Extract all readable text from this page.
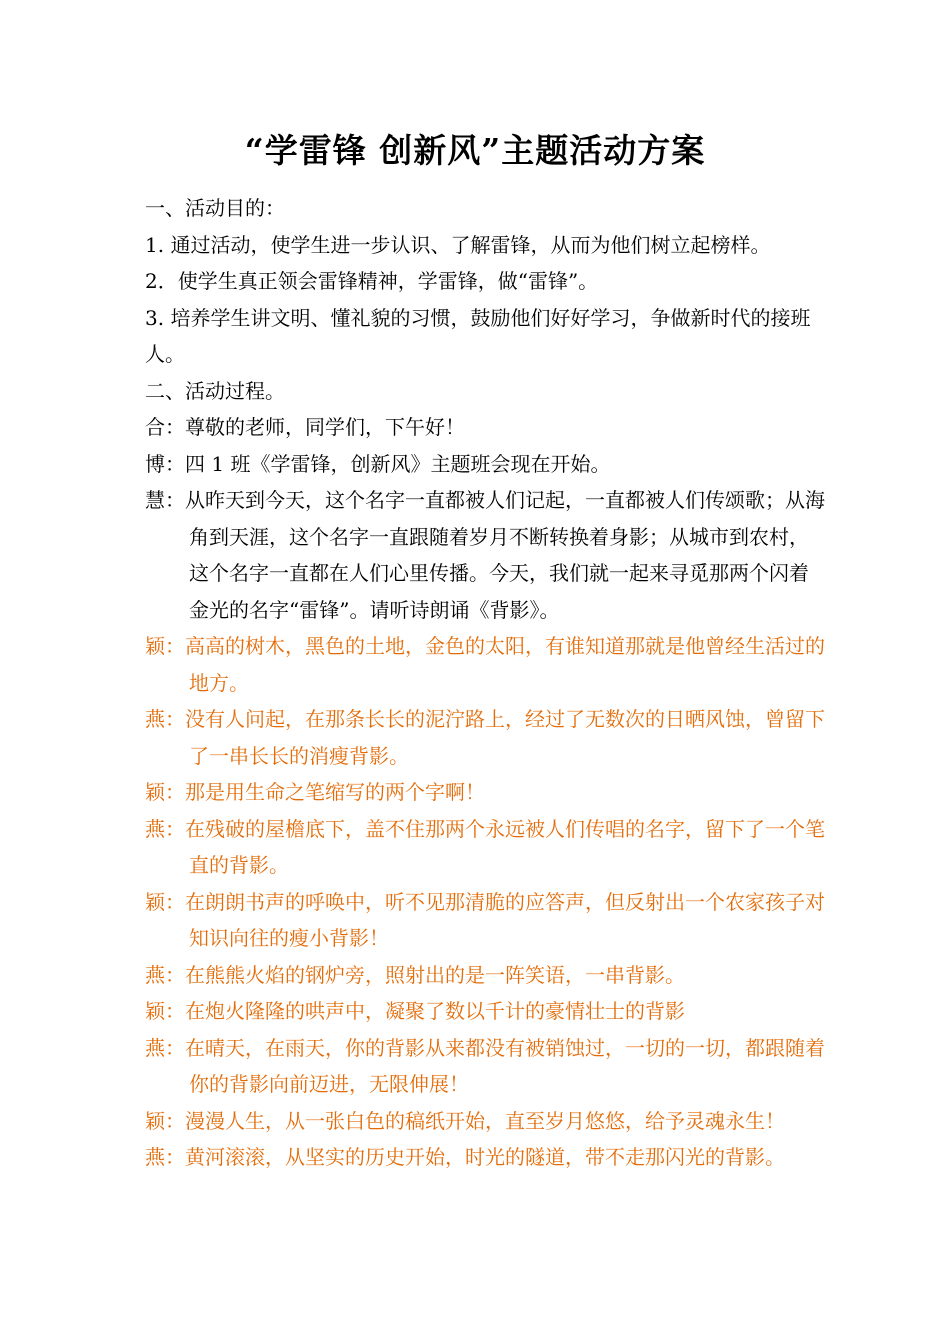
“学雷锋 创新风”主题活动方案
一、活动目的：
1. 通过活动，使学生进一步认识、了解雷锋，从而为他们树立起榜样。
2．使学生真正领会雷锋精神，学雷锋，做“雷锋”。
3. 培养学生讲文明、懂礼貌的习惯，鼓励他们好好学习，争做新时代的接班人。
二、活动过程。
合：尊敬的老师，同学们，下午好！
博：四 1 班《学雷锋，创新风》主题班会现在开始。
慧：从昨天到今天，这个名字一直都被人们记起，一直都被人们传颂歌；从海角到天涯，这个名字一直跟随着岁月不断转换着身影；从城市到农村，这个名字一直都在人们心里传播。今天，我们就一起来寻觅那两个闪着金光的名字“雷锋”。请听诗朗诵《背影》。
颖：高高的树木，黑色的土地，金色的太阳，有谁知道那就是他曾经生活过的地方。
燕：没有人问起，在那条长长的泥泞路上，经过了无数次的日晒风蚀，曾留下了一串长长的消瘦背影。
颖：那是用生命之笔缩写的两个字啊！
燕：在残破的屋檐底下，盖不住那两个永远被人们传唱的名字，留下了一个笔直的背影。
颖：在朗朗书声的呼唤中，听不见那清脆的应答声，但反射出一个农家孩子对知识向往的瘦小背影！
燕：在熊熊火焰的钢炉旁，照射出的是一阵笑语，一串背影。
颖：在炮火隆隆的哄声中，凝聚了数以千计的豪情壮士的背影
燕：在晴天，在雨天，你的背影从来都没有被销蚀过，一切的一切，都跟随着你的背影向前迈进，无限伸展！
颖：漫漫人生，从一张白色的稿纸开始，直至岁月悠悠，给予灵魂永生！
燕：黄河滚滚，从坚实的历史开始，时光的隧道，带不走那闪光的背影。
